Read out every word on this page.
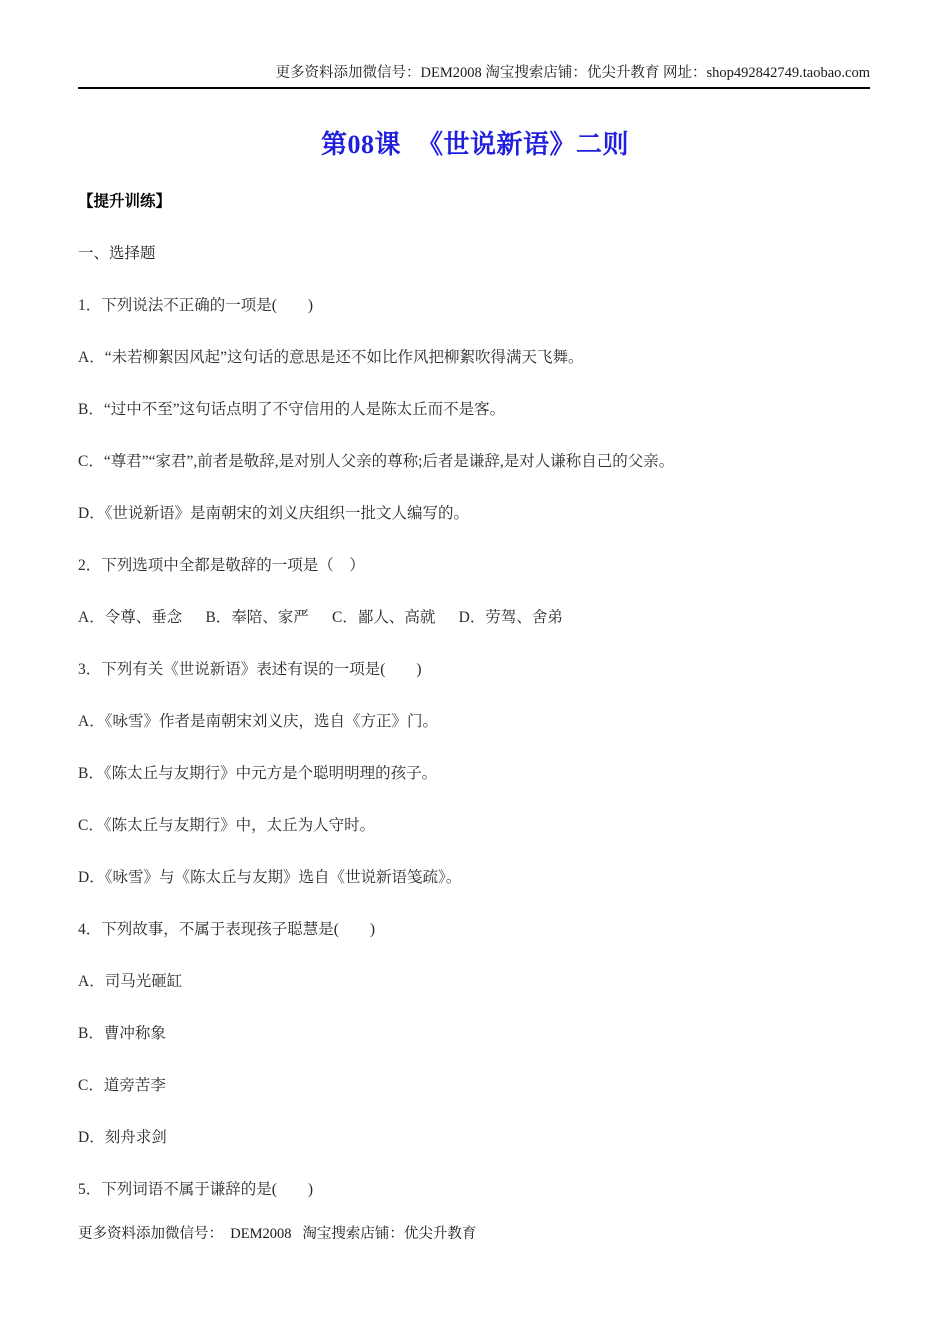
更多资料添加微信号：DEM2008 淘宝搜索店铺：优尖升教育 网址：shop492842749.taobao.com
第08课 《世说新语》二则

【提升训练】

一、选择题

1．下列说法不正确的一项是(        )

A．“未若柳絮因风起”这句话的意思是还不如比作风把柳絮吹得满天飞舞。

B．“过中不至”这句话点明了不守信用的人是陈太丘而不是客。

C．“尊君”“家君”,前者是敬辞,是对别人父亲的尊称;后者是谦辞,是对人谦称自己的父亲。

D．《世说新语》是南朝宋的刘义庆组织一批文人编写的。

2．下列选项中全都是敬辞的一项是（    ）

A．令尊、垂念      B．奉陪、家严      C．鄙人、高就      D．劳驾、舍弟

3．下列有关《世说新语》表述有误的一项是(        )

A．《咏雪》作者是南朝宋刘义庆，选自《方正》门。

B．《陈太丘与友期行》中元方是个聪明明理的孩子。

C．《陈太丘与友期行》中，太丘为人守时。

D．《咏雪》与《陈太丘与友期》选自《世说新语笺疏》。

4．下列故事，不属于表现孩子聪慧是(        )

A．司马光砸缸

B．曹冲称象

C．道旁苦李

D．刻舟求剑

5．下列词语不属于谦辞的是(        )

更多资料添加微信号：  DEM2008   淘宝搜索店铺：优尖升教育
